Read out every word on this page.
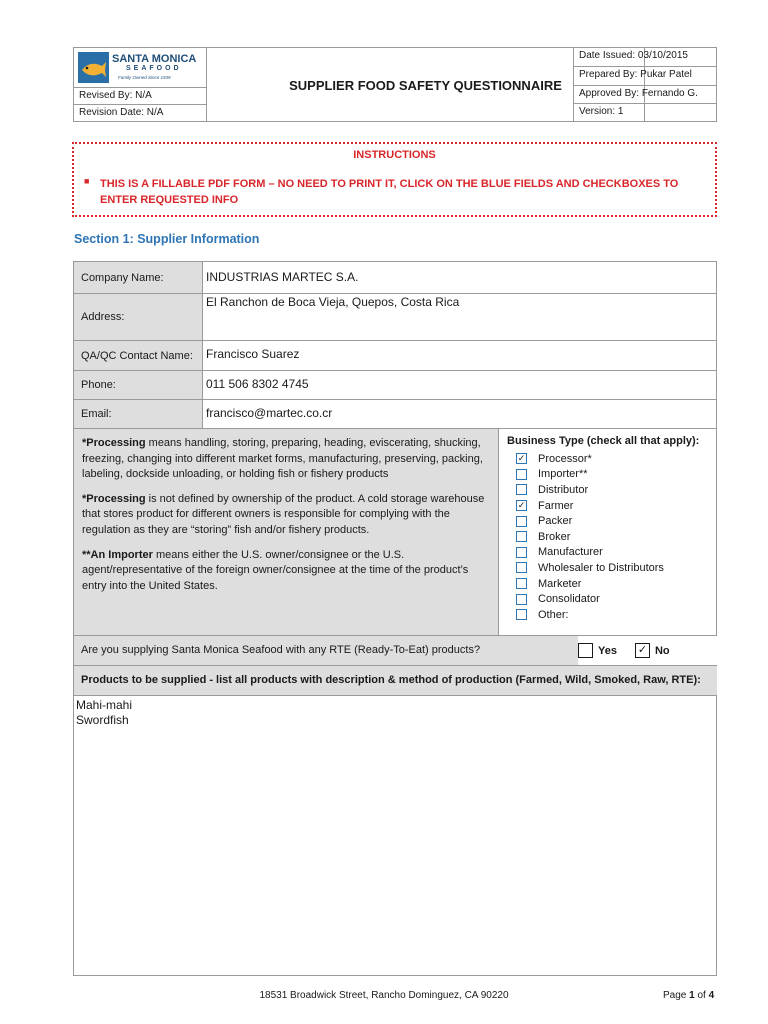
SANTA MONICA
SEAFOOD
Family Owned Since 1939
Revised By: N/A
Revision Date: N/A
SUPPLIER FOOD SAFETY QUESTIONNAIRE
Date Issued: 03/10/2015
Prepared By: Pukar Patel
Approved By: Fernando G.
Version: 1
INSTRUCTIONS
■ THIS IS A FILLABLE PDF FORM – NO NEED TO PRINT IT, CLICK ON THE BLUE FIELDS AND CHECKBOXES TO ENTER REQUESTED INFO
Section 1: Supplier Information
Company Name:	INDUSTRIAS MARTEC S.A.
Address:
El Ranchon de Boca Vieja, Quepos, Costa Rica
QA/QC Contact Name:	Francisco Suarez
Phone:	011 506 8302 4745
Email:	francisco@martec.co.cr

*Processing means handling, storing, preparing, heading, eviscerating, shucking, freezing, changing into different market forms, manufacturing, preserving, packing, labeling, dockside unloading, or holding fish or fishery products

*Processing is not defined by ownership of the product. A cold storage warehouse that stores product for different owners is responsible for complying with the regulation as they are “storing” fish and/or fishery products.

**An Importer means either the U.S. owner/consignee or the U.S. agent/representative of the foreign owner/consignee at the time of the product’s entry into the United States.

Business Type (check all that apply):
✓ Processor*
Importer**
Distributor
✓ Farmer
Packer
Broker
Manufacturer
Wholesaler to Distributors
Marketer
Consolidator
Other:
Are you supplying Santa Monica Seafood with any RTE (Ready-To-Eat) products?	Yes ✓ No
Products to be supplied - list all products with description & method of production (Farmed, Wild, Smoked, Raw, RTE):
Mahi-mahi
Swordfish
18531 Broadwick Street, Rancho Dominguez, CA 90220	Page 1 of 4
